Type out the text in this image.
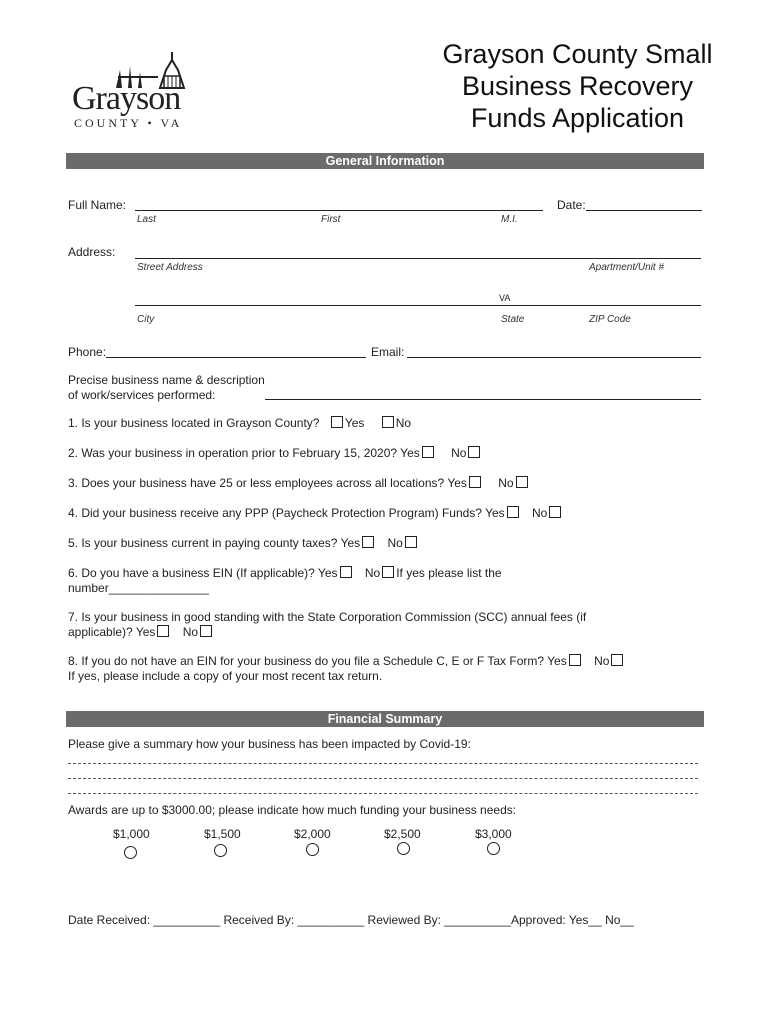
Grayson
COUNTY • VA
Grayson County Small
Business Recovery
Funds Application
General Information
Full Name:	Date:
Last	First	M.I.
Address:
Street Address	Apartment/Unit #
VA
City	State	ZIP Code
Phone:	Email:
Precise business name & description
of work/services performed:
1. Is your business located in Grayson County? Yes	No
2. Was your business in operation prior to February 15, 2020? Yes	No
3. Does your business have 25 or less employees across all locations? Yes	No
4. Did your business receive any PPP (Paycheck Protection Program) Funds? Yes No
5. Is your business current in paying county taxes? Yes No
6. Do you have a business EIN (If applicable)? Yes No If yes please list the
number_______________
7. Is your business in good standing with the State Corporation Commission (SCC) annual fees (if
applicable)? Yes No
8. If you do not have an EIN for your business do you file a Schedule C, E or F Tax Form? Yes No
If yes, please include a copy of your most recent tax return.
Financial Summary
Please give a summary how your business has been impacted by Covid-19:
Awards are up to $3000.00; please indicate how much funding your business needs:
$1,000	$1,500	$2,000	$2,500	$3,000
Date Received: __________ Received By: __________ Reviewed By: __________Approved: Yes__ No__
